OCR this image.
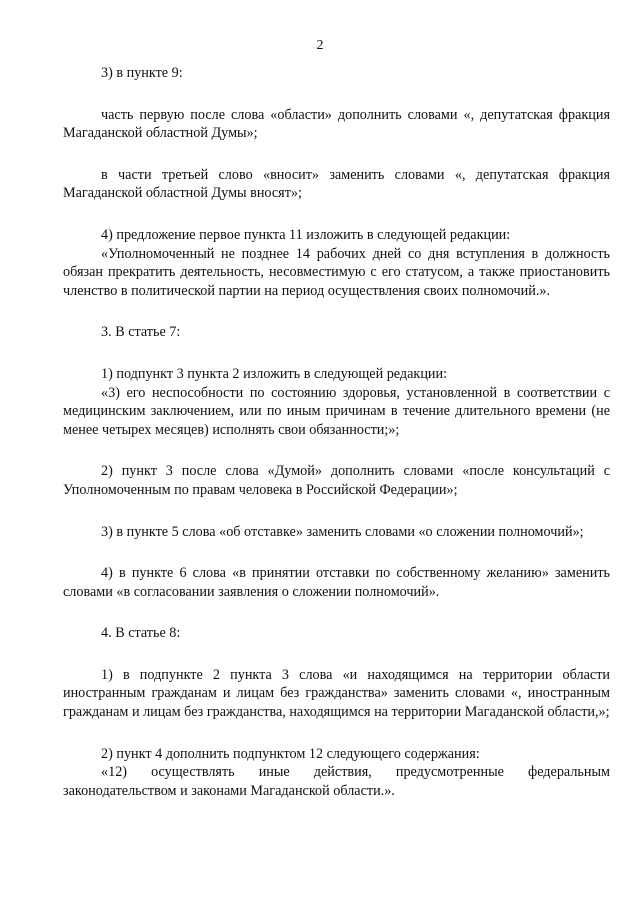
2

3) в пункте 9:

часть первую после слова «области» дополнить словами «, депутатская фракция Магаданской областной Думы»;

в части третьей слово «вносит» заменить словами «, депутатская фракция Магаданской областной Думы вносят»;

4) предложение первое пункта 11 изложить в следующей редакции:

«Уполномоченный не позднее 14 рабочих дней со дня вступления в должность обязан прекратить деятельность, несовместимую с его статусом, а также приостановить членство в политической партии на период осуществления своих полномочий.».

3. В статье 7:

1) подпункт 3 пункта 2 изложить в следующей редакции:

«3) его неспособности по состоянию здоровья, установленной в соответствии с медицинским заключением, или по иным причинам в течение длительного времени (не менее четырех месяцев) исполнять свои обязанности;»;

2) пункт 3 после слова «Думой» дополнить словами «после консультаций с Уполномоченным по правам человека в Российской Федерации»;

3) в пункте 5 слова «об отставке» заменить словами «о сложении полномочий»;

4) в пункте 6 слова «в принятии отставки по собственному желанию» заменить словами «в согласовании заявления о сложении полномочий».

4. В статье 8:

1) в подпункте 2 пункта 3 слова «и находящимся на территории области иностранным гражданам и лицам без гражданства» заменить словами «, иностранным гражданам и лицам без гражданства, находящимся на территории Магаданской области,»;

2) пункт 4 дополнить подпунктом 12 следующего содержания:

«12) осуществлять иные действия, предусмотренные федеральным законодательством и законами Магаданской области.».
